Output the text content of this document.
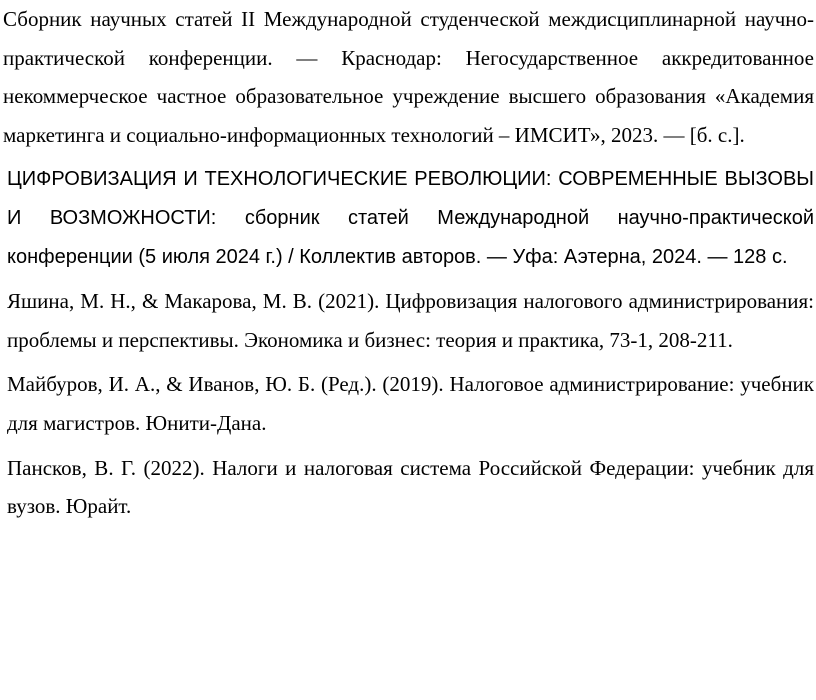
Сборник научных статей II Международной студенческой междисциплинарной научно-практической конференции. — Краснодар: Негосударственное аккредитованное некоммерческое частное образовательное учреждение высшего образования «Академия маркетинга и социально-информационных технологий – ИМСИТ», 2023. — [б. с.].

ЦИФРОВИЗАЦИЯ И ТЕХНОЛОГИЧЕСКИЕ РЕВОЛЮЦИИ: СОВРЕМЕННЫЕ ВЫЗОВЫ И ВОЗМОЖНОСТИ: сборник статей Международной научно-практической конференции (5 июля 2024 г.) / Коллектив авторов. — Уфа: Аэтерна, 2024. — 128 с.

Яшина, М. Н., & Макарова, М. В. (2021). Цифровизация налогового администрирования: проблемы и перспективы. Экономика и бизнес: теория и практика, 73-1, 208-211.

Майбуров, И. А., & Иванов, Ю. Б. (Ред.). (2019). Налоговое администрирование: учебник для магистров. Юнити-Дана.

Пансков, В. Г. (2022). Налоги и налоговая система Российской Федерации: учебник для вузов. Юрайт.
